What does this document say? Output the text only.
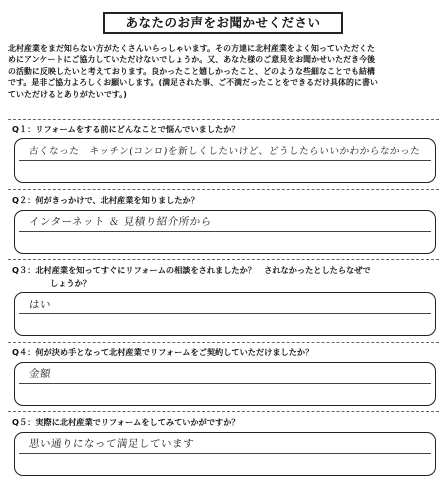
あなたのお声をお聞かせください
北村産業をまだ知らない方がたくさんいらっしゃいます。その方達に北村産業をよく知っていただくた
めにアンケートにご協力していただけないでしょうか。又、あなた様のご意見をお聞かせいただき今後
の活動に反映したいと考えております。良かったこと嬉しかったこと、どのような些細なことでも結構
です。是非ご協力よろしくお願いします。(満足された事、ご不満だったことをできるだけ具体的に書い
ていただけるとありがたいです。)
Q１：リフォームをする前にどんなことで悩んでいましたか？
古くなった　キッチン(コンロ)を新しくしたいけど、どうしたらいいかわからなかった
Q２：何がきっかけで、北村産業を知りましたか？
インターネット ＆ 見積り紹介所から
Q３：北村産業を知ってすぐにリフォームの相談をされましたか？　されなかったとしたらなぜで
しょうか？
はい
Q４：何が決め手となって北村産業でリフォームをご契約していただけましたか？
金額
Q５：実際に北村産業でリフォームをしてみていかがですか？
思い通りになって満足しています
